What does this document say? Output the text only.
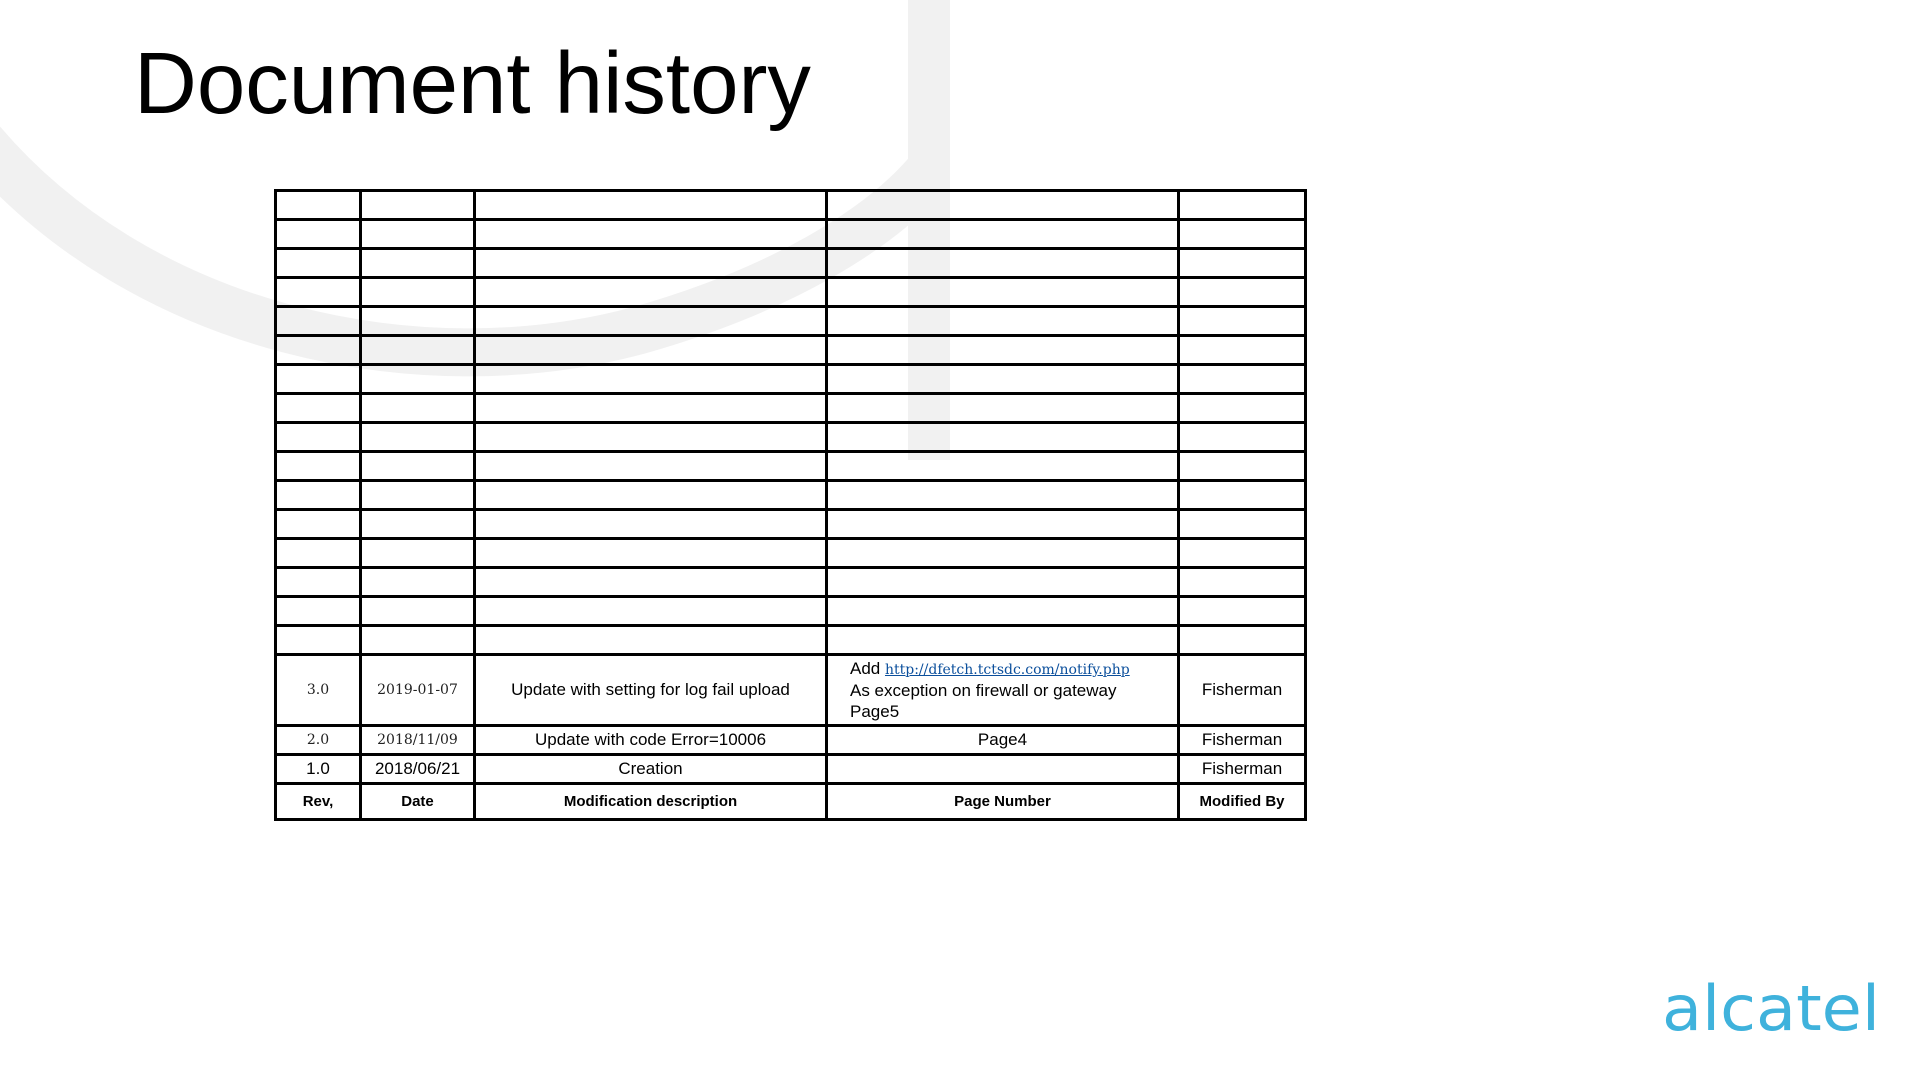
Document history

3.0	2019-01-07	Update with setting for log fail upload	Add http://dfetch.tctsdc.com/notify.php
As exception on firewall or gateway
Page5	Fisherman
2.0	2018/11/09	Update with code Error=10006	Page4	Fisherman
1.0	2018/06/21	Creation		Fisherman
Rev,	Date	Modification description	Page Number	Modified By
alcatel
